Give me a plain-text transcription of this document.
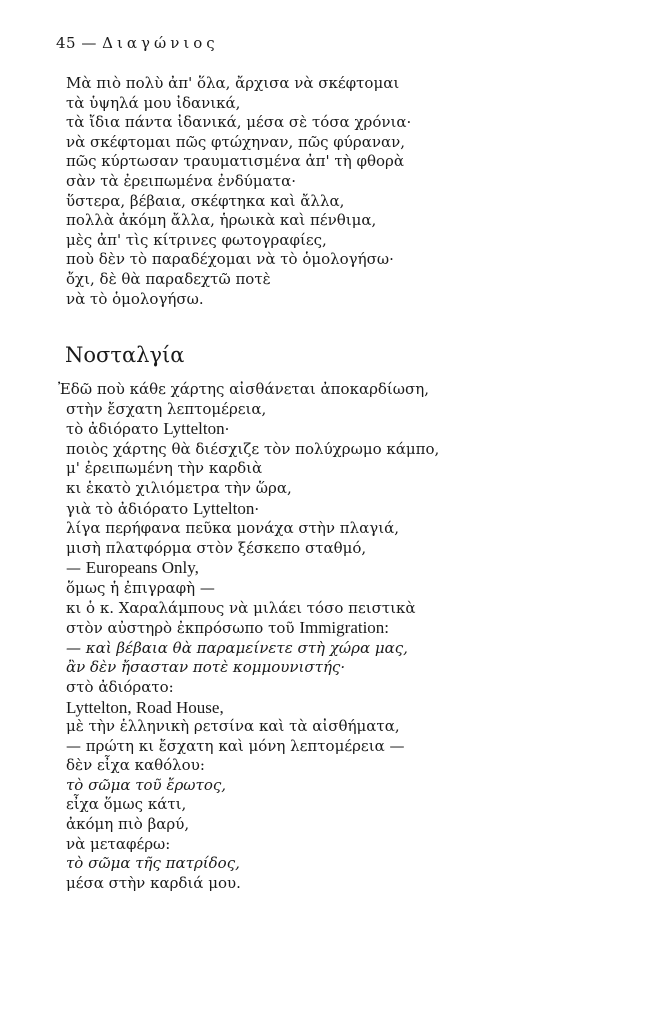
45 — Διαγώνιος
Μὰ πιὸ πολὺ ἀπ' ὅλα, ἄρχισα νὰ σκέφτομαι
τὰ ὑψηλά μου ἰδανικά,
τὰ ἴδια πάντα ἰδανικά, μέσα σὲ τόσα χρόνια·
νὰ σκέφτομαι πῶς φτώχηναν, πῶς φύραναν,
πῶς κύρτωσαν τραυματισμένα ἀπ' τὴ φθορὰ
σὰν τὰ ἐρειπωμένα ἐνδύματα·
ὕστερα, βέβαια, σκέφτηκα καὶ ἄλλα,
πολλὰ ἀκόμη ἄλλα, ἡρωικὰ καὶ πένθιμα,
μὲς ἀπ' τὶς κίτρινες φωτογραφίες,
ποὺ δὲν τὸ παραδέχομαι νὰ τὸ ὁμολογήσω·
ὄχι, δὲ θὰ παραδεχτῶ ποτὲ
νὰ τὸ ὁμολογήσω.
Νοσταλγία
Ἐδῶ ποὺ κάθε χάρτης αἰσθάνεται ἀποκαρδίωση,
στὴν ἔσχατη λεπτομέρεια,
τὸ ἀδιόρατο Lyttelton·
ποιὸς χάρτης θὰ διέσχιζε τὸν πολύχρωμο κάμπο,
μ' ἐρειπωμένη τὴν καρδιὰ
κι ἑκατὸ χιλιόμετρα τὴν ὥρα,
γιὰ τὸ ἀδιόρατο Lyttelton·
λίγα περήφανα πεῦκα μονάχα στὴν πλαγιά,
μισὴ πλατφόρμα στὸν ξέσκεπο σταθμό,
— Europeans Only,
ὅμως ἡ ἐπιγραφὴ —
κι ὁ κ. Χαραλάμπους νὰ μιλάει τόσο πειστικὰ
στὸν αὐστηρὸ ἐκπρόσωπο τοῦ Immigration:
— καὶ βέβαια θὰ παραμείνετε στὴ χώρα μας,
ἂν δὲν ἤσασταν ποτὲ κομμουνιστής·
στὸ ἀδιόρατο:
Lyttelton, Road House,
μὲ τὴν ἑλληνικὴ ρετσίνα καὶ τὰ αἰσθήματα,
— πρώτη κι ἔσχατη καὶ μόνη λεπτομέρεια —
δὲν εἶχα καθόλου:
τὸ σῶμα τοῦ ἔρωτος,
εἶχα ὅμως κάτι,
ἀκόμη πιὸ βαρύ,
νὰ μεταφέρω:
τὸ σῶμα τῆς πατρίδος,
μέσα στὴν καρδιά μου.
